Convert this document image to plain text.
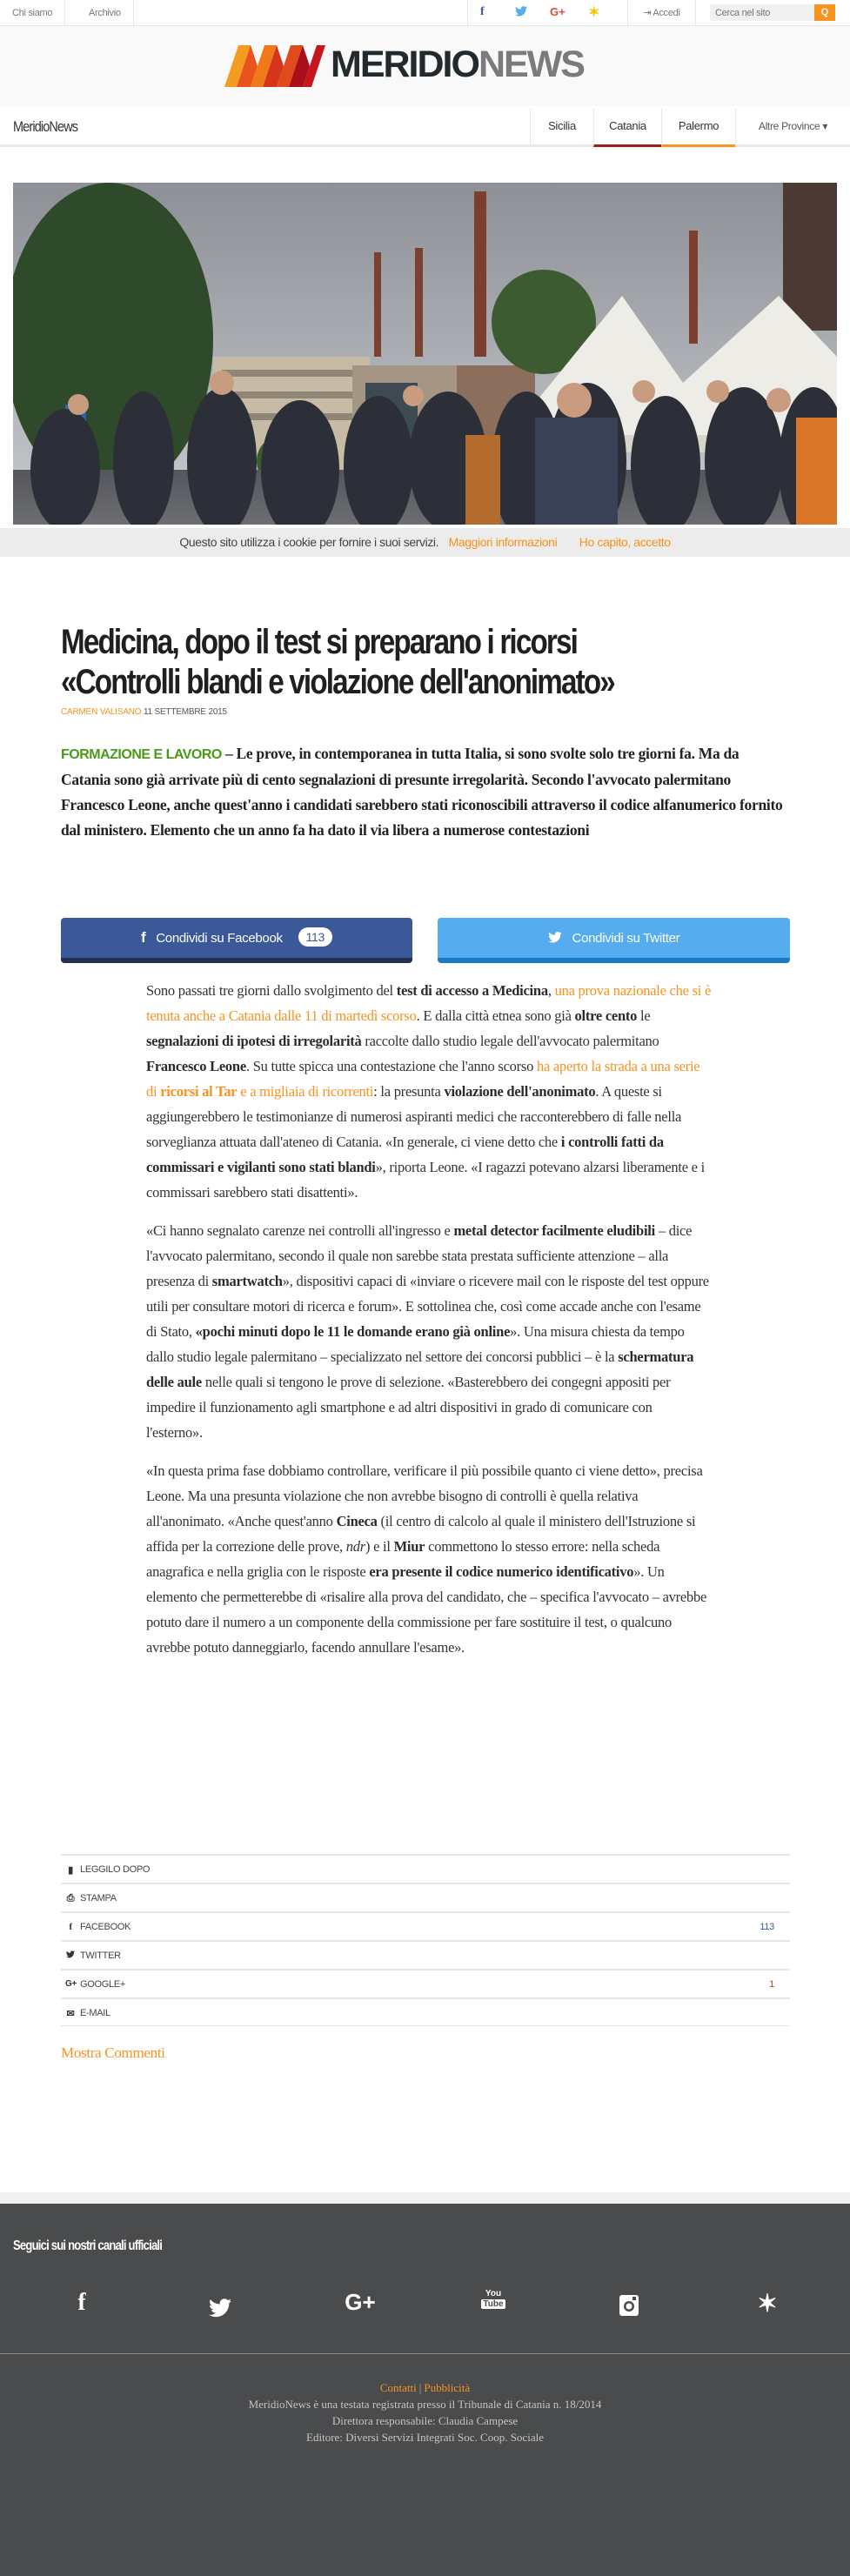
Chi siamo	Archivio	f	G+ ✶	⇥ Accedi
Cerca nel sito	Q
MERIDIONEWS
MeridioNews	Sicilia	Catania	Palermo	Altre Province ▾
Questo sito utilizza i cookie per fornire i suoi servizi. Maggiori informazioni Ho capito, accetto
Medicina, dopo il test si preparano i ricorsi
«Controlli blandi e violazione dell'anonimato»
CARMEN VALISANO 11 SETTEMBRE 2015

FORMAZIONE E LAVORO – Le prove, in contemporanea in tutta Italia, si sono svolte solo tre giorni fa. Ma da Catania sono già arrivate più di cento segnalazioni di presunte irregolarità. Secondo l'avvocato palermitano Francesco Leone, anche quest'anno i candidati sarebbero stati riconoscibili attraverso il codice alfanumerico fornito dal ministero. Elemento che un anno fa ha dato il via libera a numerose contestazioni

f Condividi su Facebook 113	Condividi su Twitter

Sono passati tre giorni dallo svolgimento del test di accesso a Medicina, una prova nazionale che si è tenuta anche a Catania dalle 11 di martedì scorso. E dalla città etnea sono già oltre cento le segnalazioni di ipotesi di irregolarità raccolte dallo studio legale dell'avvocato palermitano Francesco Leone. Su tutte spicca una contestazione che l'anno scorso ha aperto la strada a una serie di ricorsi al Tar e a migliaia di ricorrenti: la presunta violazione dell'anonimato. A queste si aggiungerebbero le testimonianze di numerosi aspiranti medici che racconterebbero di falle nella sorveglianza attuata dall'ateneo di Catania. «In generale, ci viene detto che i controlli fatti da commissari e vigilanti sono stati blandi», riporta Leone. «I ragazzi potevano alzarsi liberamente e i commissari sarebbero stati disattenti».

«Ci hanno segnalato carenze nei controlli all'ingresso e metal detector facilmente eludibili – dice l'avvocato palermitano, secondo il quale non sarebbe stata prestata sufficiente attenzione – alla presenza di smartwatch», dispositivi capaci di «inviare o ricevere mail con le risposte del test oppure utili per consultare motori di ricerca e forum». E sottolinea che, così come accade anche con l'esame di Stato, «pochi minuti dopo le 11 le domande erano già online». Una misura chiesta da tempo dallo studio legale palermitano – specializzato nel settore dei concorsi pubblici – è la schermatura delle aule nelle quali si tengono le prove di selezione. «Basterebbero dei congegni appositi per impedire il funzionamento agli smartphone e ad altri dispositivi in grado di comunicare con l'esterno».

«In questa prima fase dobbiamo controllare, verificare il più possibile quanto ci viene detto», precisa Leone. Ma una presunta violazione che non avrebbe bisogno di controlli è quella relativa all'anonimato. «Anche quest'anno Cineca (il centro di calcolo al quale il ministero dell'Istruzione si affida per la correzione delle prove, ndr) e il Miur commettono lo stesso errore: nella scheda anagrafica e nella griglia con le risposte era presente il codice numerico identificativo». Un elemento che permetterebbe di «risalire alla prova del candidato, che – specifica l'avvocato – avrebbe potuto dare il numero a un componente della commissione per fare sostituire il test, o qualcuno avrebbe potuto danneggiarlo, facendo annullare l'esame».

▮ LEGGILO DOPO
⎙ STAMPA
f FACEBOOK	113
TWITTER
G+ GOOGLE+	1
✉ E-MAIL
Mostra Commenti
Seguici sui nostri canali ufficiali
f	G+	You
Tube	✶
Contatti | Pubblicità
MeridioNews è una testata registrata presso il Tribunale di Catania n. 18/2014
Direttora responsabile: Claudia Campese
Editore: Diversi Servizi Integrati Soc. Coop. Sociale
